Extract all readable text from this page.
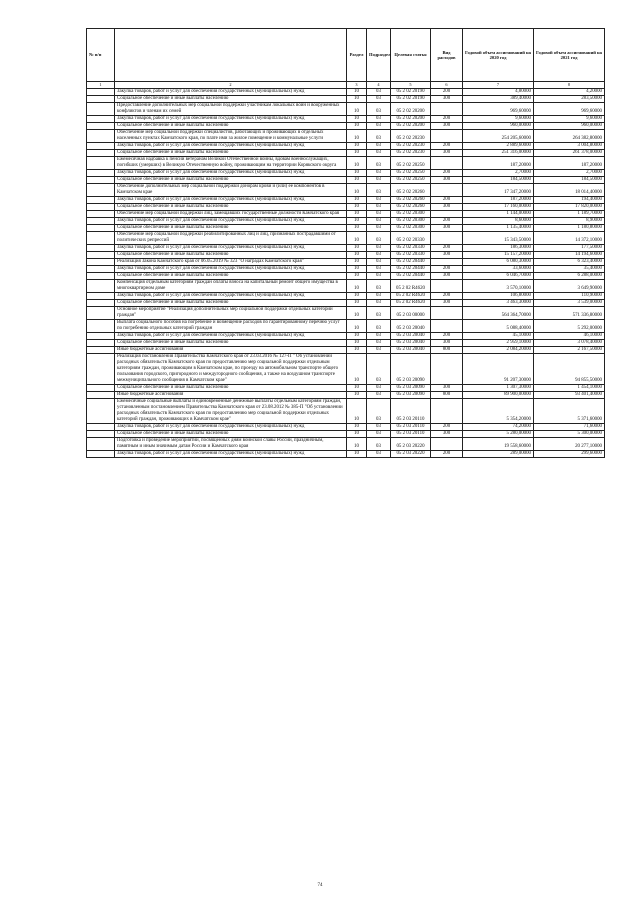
№ п/п		Раздел	Подраздел	Целевая статья	Вид расходов	Годовой объем ассигнований на 2020 год	Годовой объем ассигнований на 2021 год
1	2	3	4	5	6	7	8
	Закупка товаров, работ и услуг для обеспечения государственных (муниципальных) нужд	10	03	05 2 02 20190	200	4,80000	4,20000
	Социальное обеспечение и иные выплаты населению	10	03	05 2 02 20190	300	389,40000	283,50000
	Предоставление дополнительных мер социальной поддержки участникам локальных войн и вооруженных конфликтов и членам их семей	10	03	05 2 02 20200		969,60000	969,60000
	Закупка товаров, работ и услуг для обеспечения государственных (муниципальных) нужд	10	03	05 2 02 20200	200	9,60000	9,60000
	Социальное обеспечение и иные выплаты населению	10	03	05 2 02 20200	300	960,00000	960,00000
	Обеспечение мер социальной поддержки специалистов, работающих и проживающих в отдельных населенных пунктах Камчатского края, по плате ими за жилое помещение и коммунальные услуги	10	03	05 2 02 20230		254 205,60000	264 382,80000
	Закупка товаров, работ и услуг для обеспечения государственных (муниципальных) нужд	10	03	05 2 02 20230	200	2 889,60000	3 004,80000
	Социальное обеспечение и иные выплаты населению	10	03	05 2 02 20230	300	251 316,00000	261 378,00000
	Ежемесячная надбавка к пенсии ветеранам Великой Отечественной войны, вдовам военнослужащих, погибших (умерших) в Великую Отечественную войну, проживающим на территории Корякского округа	10	03	05 2 02 20250		187,20000	187,20000
	Закупка товаров, работ и услуг для обеспечения государственных (муниципальных) нужд	10	03	05 2 02 20250	200	2,70000	2,70000
	Социальное обеспечение и иные выплаты населению	10	03	05 2 02 20250	300	184,50000	184,50000
	Обеспечение дополнительных мер социальной поддержки донорам крови и (или) ее компонентов в Камчатском крае	10	03	05 2 02 20260		17 347,20000	18 014,40000
	Закупка товаров, работ и услуг для обеспечения государственных (муниципальных) нужд	10	03	05 2 02 20260	200	187,20000	194,40000
	Социальное обеспечение и иные выплаты населению	10	03	05 2 02 20260	300	17 160,00000	17 820,00000
	Обеспечение мер социальной поддержки лиц, замещавших государственные должности Камчатского края	10	03	05 2 02 20300		1 144,00000	1 189,70000
	Закупка товаров, работ и услуг для обеспечения государственных (муниципальных) нужд	10	03	05 2 02 20300	200	8,60000	8,90000
	Социальное обеспечение и иные выплаты населению	10	03	05 2 02 20300	300	1 135,40000	1 180,80000
	Обеспечение мер социальной поддержки реабилитированных лиц и лиц, признанных пострадавшими от политических репрессий	10	03	05 2 02 20330		15 343,50000	14 372,10000
	Закупка товаров, работ и услуг для обеспечения государственных (муниципальных) нужд	10	03	05 2 02 20330	200	186,30000	177,50000
	Социальное обеспечение и иные выплаты населению	10	03	05 2 02 20330	300	15 157,20000	14 194,60000
	Реализация Закона Камчатского края от 06.05.2019 № 323 "О наградах Камчатского края"	10	03	05 2 02 20440		6 080,30000	6 323,40000
	Закупка товаров, работ и услуг для обеспечения государственных (муниципальных) нужд	10	03	05 2 02 20440	200	33,60000	35,40000
	Социальное обеспечение и иные выплаты населению	10	03	05 2 02 20440	300	6 046,70000	6 288,00000
	Компенсация отдельным категориям граждан оплаты взноса на капитальный ремонт общего имущества в многоквартирном доме	10	03	05 2 02 R4620		3 570,10000	3 649,90000
	Закупка товаров, работ и услуг для обеспечения государственных (муниципальных) нужд	10	03	05 2 02 R4620	200	106,80000	110,90000
	Социальное обеспечение и иные выплаты населению	10	03	05 2 02 R4620	300	3 463,30000	3 539,00000
	Основное мероприятие "Реализация дополнительных мер социальной поддержки отдельных категорий граждан"	10	03	05 2 03 00000		564 364,70000	571 336,80000
	Выплата социального пособия на погребение и возмещение расходов по гарантированному перечню услуг по погребению отдельных категорий граждан	10	03	05 2 03 20040		5 088,40000	5 292,00000
	Закупка товаров, работ и услуг для обеспечения государственных (муниципальных) нужд	10	03	05 2 03 20040	200	45,10000	46,10000
	Социальное обеспечение и иные выплаты населению	10	03	05 2 03 20040	300	2 959,10000	3 078,40000
	Иные бюджетные ассигнования	10	03	05 2 03 20040	800	2 084,20000	2 167,50000
	Реализация постановления Правительства Камчатского края от 23.03.2016 № 127-П " Об установлении расходных обязательств Камчатского края по предоставлению мер социальной поддержки отдельным категориям граждан, проживающим в Камчатском крае, по проезду на автомобильном транспорте общего пользования городского, пригородного и междугородного сообщения, а также на воздушном транспорте межмуниципального сообщения в Камчатском крае"	10	03	05 2 03 20090		91 207,30000	94 855,50000
	Социальное обеспечение и иные выплаты населению	10	03	05 2 03 20090	300	1 307,30000	1 454,10000
	Иные бюджетные ассигнования	10	03	05 2 03 20090	800	89 900,00000	93 401,40000
	Ежемесячные социальные выплаты и единовременные денежные выплаты отдельным категориям граждан, установленным постановлением Правительства Камчатского края от 23.08.2012 № 385-П "Об установлении расходных обязательств Камчатского края по предоставлению мер социальной поддержки отдельных категорий граждан, проживающих в Камчатском крае"	10	03	05 2 03 20110		5 354,20000	5 371,60000
	Закупка товаров, работ и услуг для обеспечения государственных (муниципальных) нужд	10	03	05 2 03 20110	200	74,20000	71,60000
	Социальное обеспечение и иные выплаты населению	10	03	05 2 03 20110	300	5 280,00000	5 300,00000
	Подготовка и проведение мероприятий, посвященных дням воинской славы России, праздничным, памятным и иным значимым датам России и Камчатского края	10	03	05 2 03 20220		19 558,60000	20 277,10000
	Закупка товаров, работ и услуг для обеспечения государственных (муниципальных) нужд	10	03	05 2 03 20220	200	289,00000	299,60000
74
